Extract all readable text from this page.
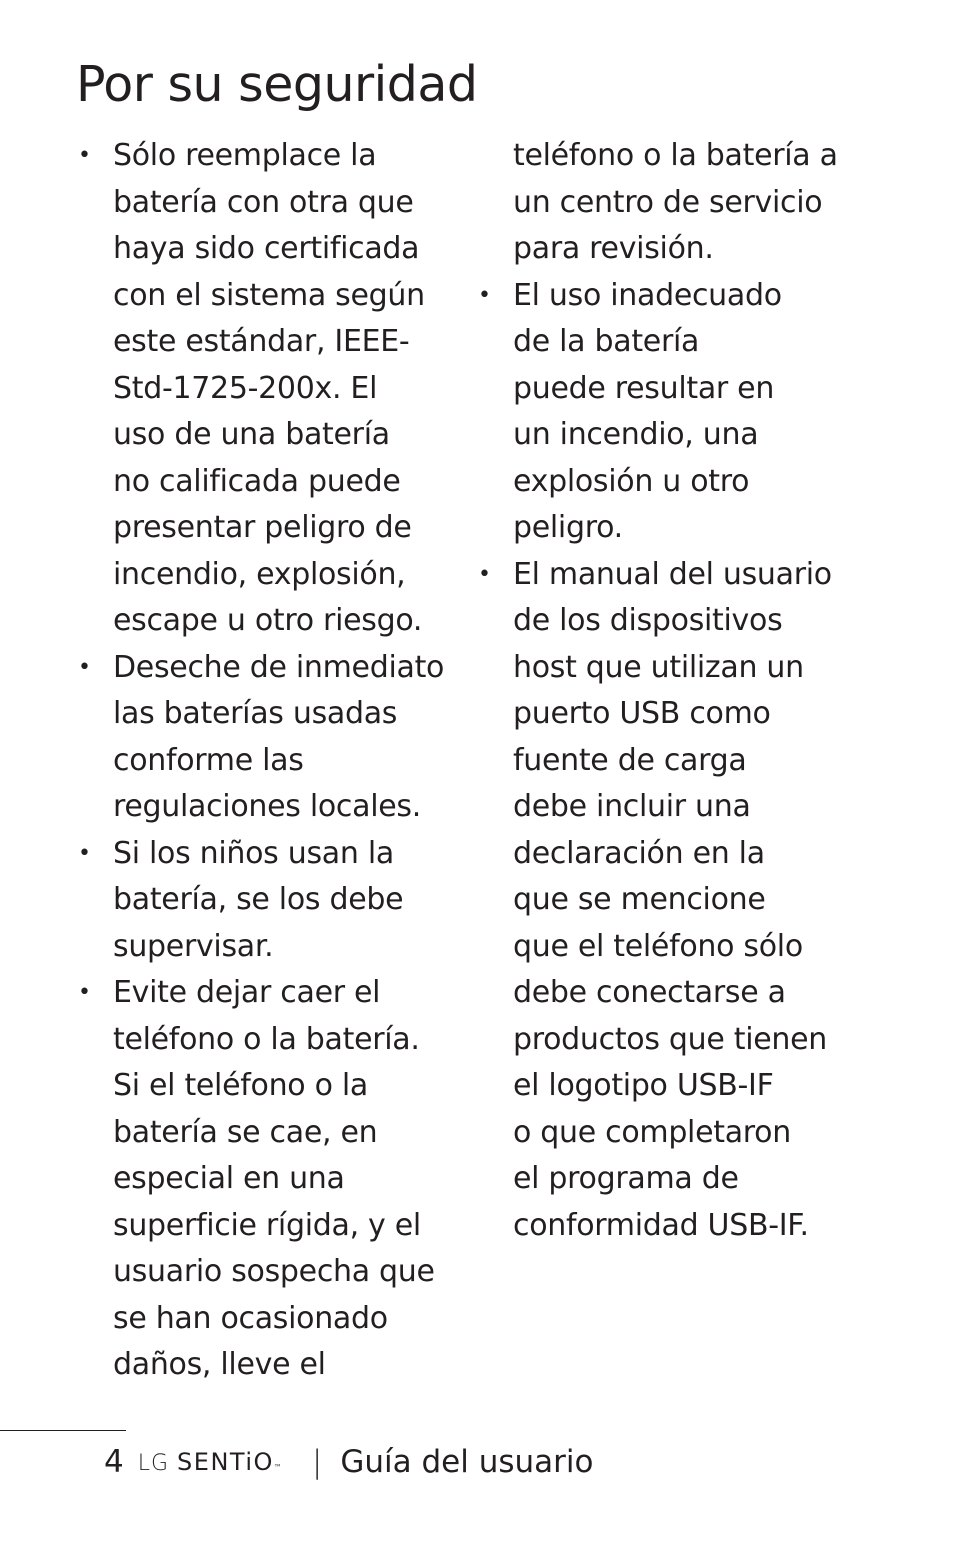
Por su seguridad
• Sólo reemplace la
batería con otra que
haya sido certificada
con el sistema según
este estándar, IEEE-
Std-1725-200x. El
uso de una batería
no calificada puede
presentar peligro de
incendio, explosión,
escape u otro riesgo.
• Deseche de inmediato
las baterías usadas
conforme las
regulaciones locales.
• Si los niños usan la
batería, se los debe
supervisar.
• Evite dejar caer el
teléfono o la batería.
Si el teléfono o la
batería se cae, en
especial en una
superficie rígida, y el
usuario sospecha que
se han ocasionado
daños, lleve el
teléfono o la batería a
un centro de servicio
para revisión.
• El uso inadecuado
de la batería
puede resultar en
un incendio, una
explosión u otro
peligro.
• El manual del usuario
de los dispositivos
host que utilizan un
puerto USB como
fuente de carga
debe incluir una
declaración en la
que se mencione
que el teléfono sólo
debe conectarse a
productos que tienen
el logotipo USB-IF
o que completaron
el programa de
conformidad USB-IF.
4 LG SENTiO ™ | Guía del usuario
